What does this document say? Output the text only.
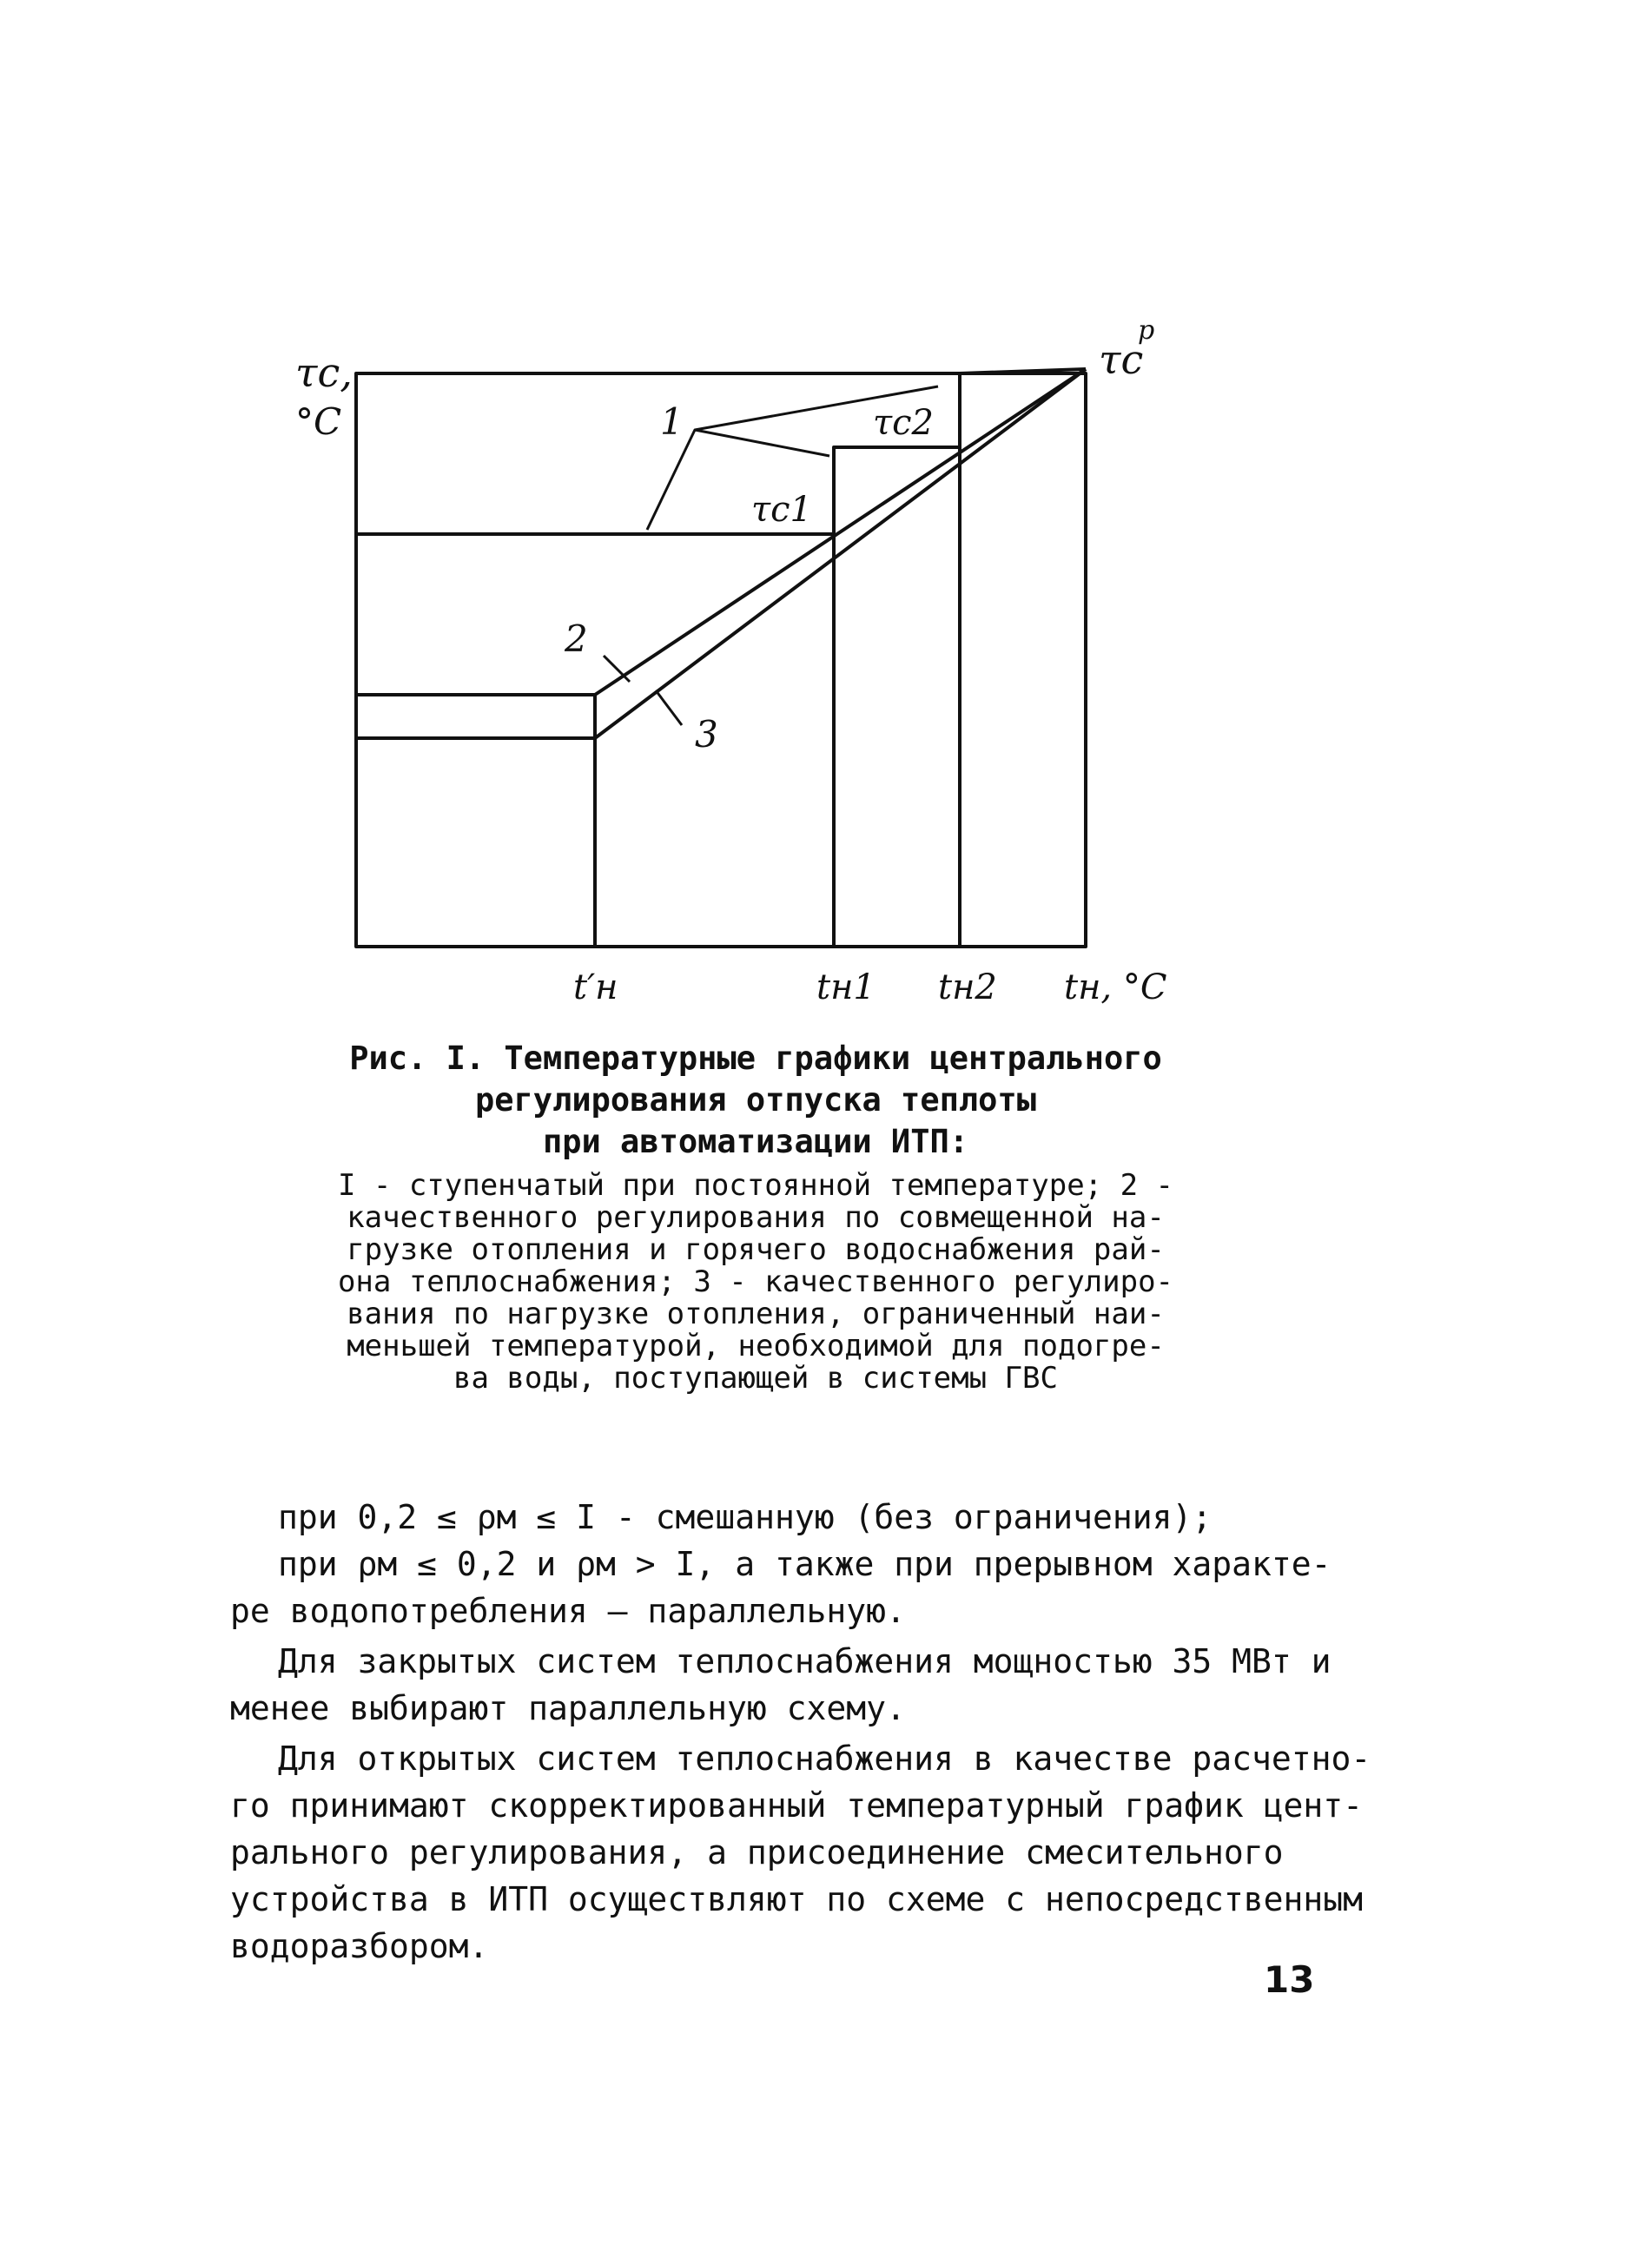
τc,
°C
τc
р
1
2
3
τc1
τc2
t′н	tн1 tн2 tн, °C
Рис. I. Температурные графики центрального
регулирования отпуска теплоты
при автоматизации ИТП:
I - ступенчатый при постоянной температуре; 2 -
качественного регулирования по совмещенной на-
грузке отопления и горячего водоснабжения рай-
она теплоснабжения; 3 - качественного регулиро-
вания по нагрузке отопления, ограниченный наи-
меньшей температурой, необходимой для подогре-
ва воды, поступающей в системы ГВС
при 0,2 ≤ ρм ≤ I - смешанную (без ограничения);
при ρм ≤ 0,2 и ρм > I, а также при прерывном характе-
ре водопотребления – параллельную.
Для закрытых систем теплоснабжения мощностью 35 МВт и
менее выбирают параллельную схему.
Для открытых систем теплоснабжения в качестве расчетно-
го принимают скорректированный температурный график цент-
рального регулирования, а присоединение смесительного
устройства в ИТП осуществляют по схеме с непосредственным
водоразбором.
13
